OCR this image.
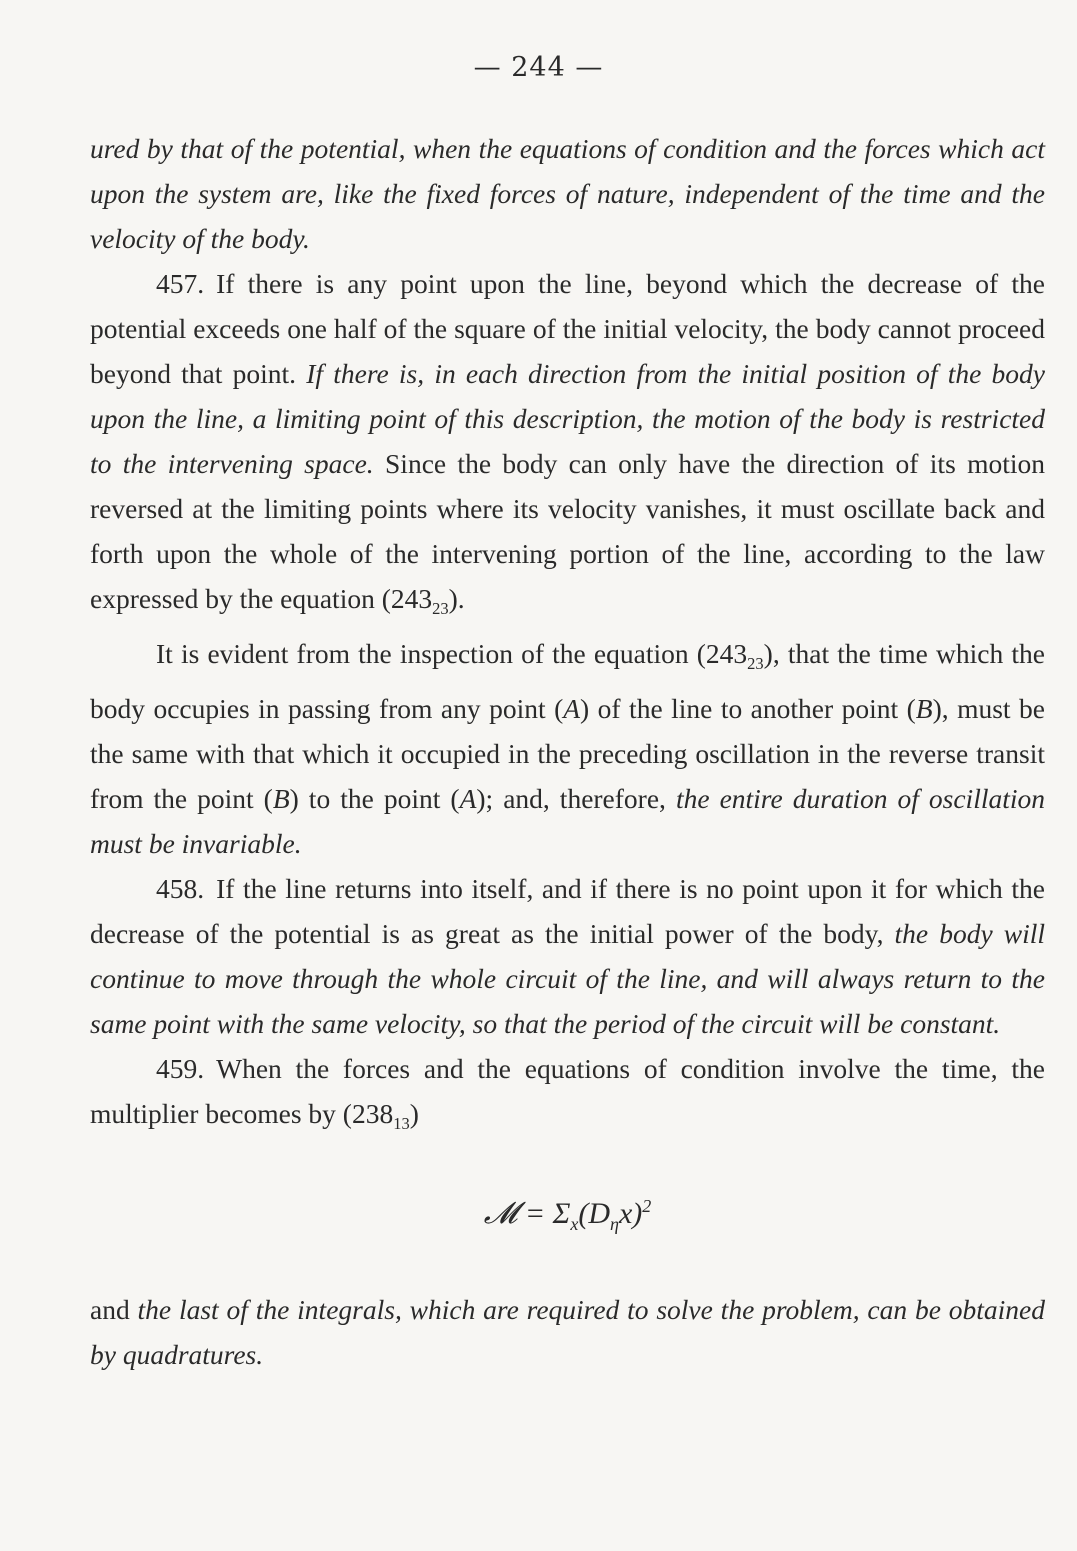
— 244 —

ured by that of the potential, when the equations of condition and the forces which act upon the system are, like the fixed forces of nature, independent of the time and the velocity of the body.

457. If there is any point upon the line, beyond which the decrease of the potential exceeds one half of the square of the initial velocity, the body cannot proceed beyond that point. If there is, in each direction from the initial position of the body upon the line, a limiting point of this description, the motion of the body is restricted to the intervening space. Since the body can only have the direction of its motion reversed at the limiting points where its velocity vanishes, it must oscillate back and forth upon the whole of the intervening portion of the line, according to the law expressed by the equation $(243_{23})$.

It is evident from the inspection of the equation $(243_{23})$, that the time which the body occupies in passing from any point (A) of the line to another point (B), must be the same with that which it occupied in the preceding oscillation in the reverse transit from the point (B) to the point (A); and, therefore, the entire duration of oscillation must be invariable.

458. If the line returns into itself, and if there is no point upon it for which the decrease of the potential is as great as the initial power of the body, the body will continue to move through the whole circuit of the line, and will always return to the same point with the same velocity, so that the period of the circuit will be constant.

459. When the forces and the equations of condition involve the time, the multiplier becomes by $(238_{13})$

𝓜 = $\Sigma_x(D_\eta x)^2$

and the last of the integrals, which are required to solve the problem, can be obtained by quadratures.
